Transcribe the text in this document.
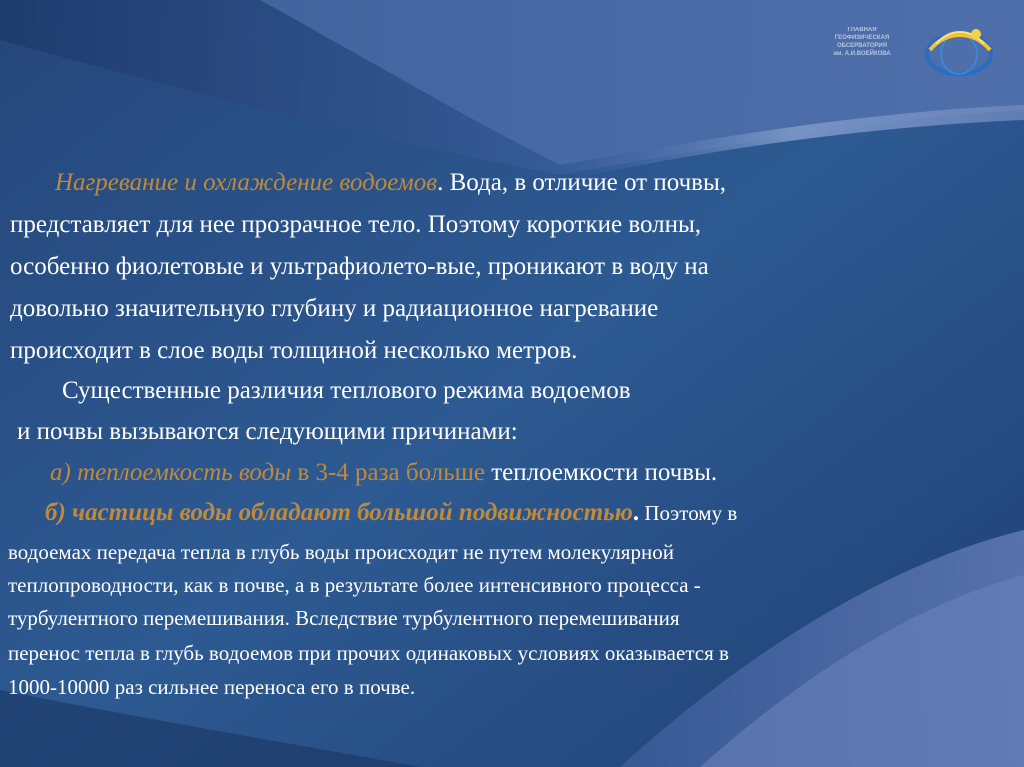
ГЛАВНАЯ
ГЕОФИЗИЧЕСКАЯ
ОБСЕРВАТОРИЯ
им. А.И.ВОЕЙКОВА
Нагревание и охлаждение водоемов. Вода, в отличие от почвы,
представляет для нее прозрачное тело. Поэтому короткие волны,
особенно фиолетовые и ультрафиолето-вые, проникают в воду на
довольно значительную глубину и радиационное нагревание
происходит в слое воды толщиной несколько метров.
Существенные различия теплового режима водоемов
и почвы вызываются следующими причинами:
а) теплоемкость воды в 3-4 раза больше теплоемкости почвы.
б) частицы воды обладают большой подвижностью. Поэтому в
водоемах передача тепла в глубь воды происходит не путем молекулярной
теплопроводности, как в почве, а в результате более интенсивного процесса -
турбулентного перемешивания. Вследствие турбулентного перемешивания
перенос тепла в глубь водоемов при прочих одинаковых условиях оказывается в
1000-10000 раз сильнее переноса его в почве.
